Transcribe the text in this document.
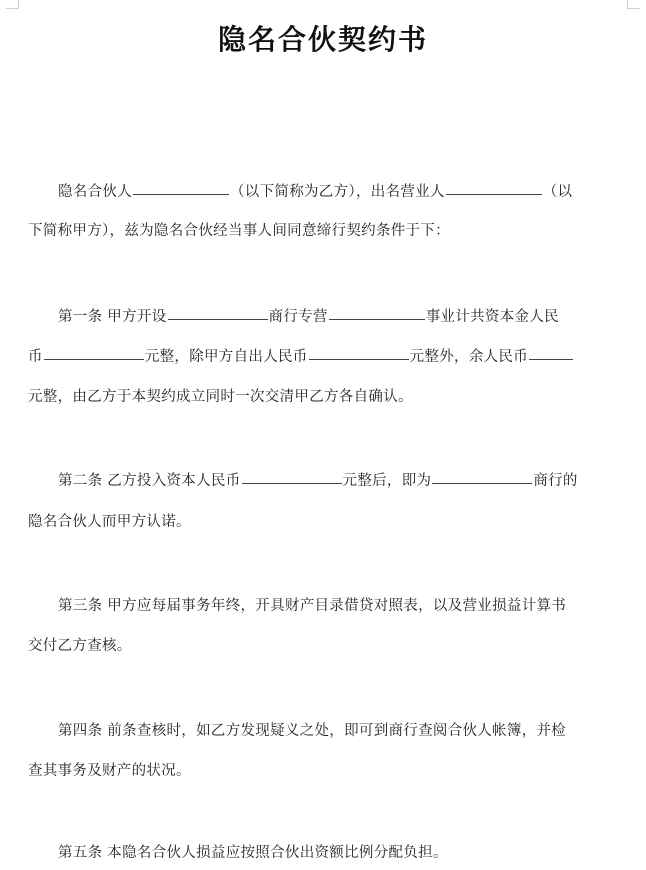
隐名合伙契约书
隐名合伙人	（以下简称为乙方），出名营业人	（以
下简称甲方），兹为隐名合伙经当事人间同意缔行契约条件于下：
第一条 甲方开设	商行专营	事业计共资本金人民
币	元整，除甲方自出人民币	元整外，余人民币
元整，由乙方于本契约成立同时一次交清甲乙方各自确认。
第二条 乙方投入资本人民币	元整后，即为	商行的
隐名合伙人而甲方认诺。
第三条 甲方应每届事务年终，开具财产目录借贷对照表，以及营业损益计算书
交付乙方查核。
第四条 前条查核时，如乙方发现疑义之处，即可到商行查阅合伙人帐簿，并检
查其事务及财产的状况。
第五条 本隐名合伙人损益应按照合伙出资额比例分配负担。
